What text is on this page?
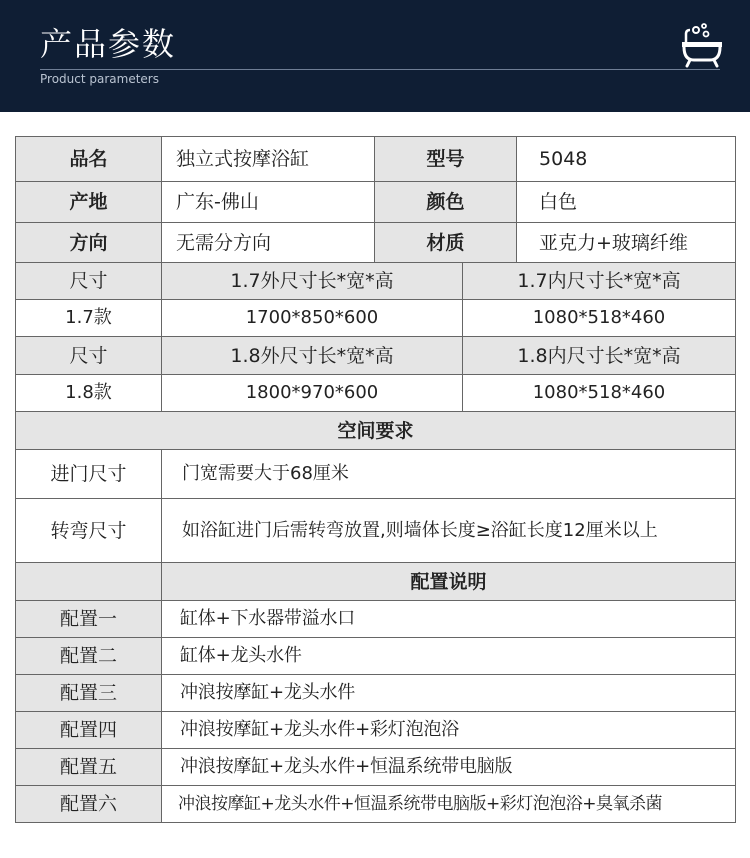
产品参数
Product parameters
品名	独立式按摩浴缸	型号		5048
产地	广东-佛山	颜色		白色
方向	无需分方向	材质		亚克力+玻璃纤维
尺寸	1.7外尺寸长*宽*高		1.7内尺寸长*宽*高	
1.7款	1700*850*600		1080*518*460	
尺寸	1.8外尺寸长*宽*高		1.8内尺寸长*宽*高	
1.8款	1800*970*600		1080*518*460	
空间要求				
进门尺寸	门宽需要大于68厘米			
转弯尺寸	如浴缸进门后需转弯放置,则墙体长度≥浴缸长度12厘米以上			
	配置说明			
配置一	缸体+下水器带溢水口			
配置二	缸体+龙头水件			
配置三	冲浪按摩缸+龙头水件			
配置四	冲浪按摩缸+龙头水件+彩灯泡泡浴			
配置五	冲浪按摩缸+龙头水件+恒温系统带电脑版			
配置六	冲浪按摩缸+龙头水件+恒温系统带电脑版+彩灯泡泡浴+臭氧杀菌			
